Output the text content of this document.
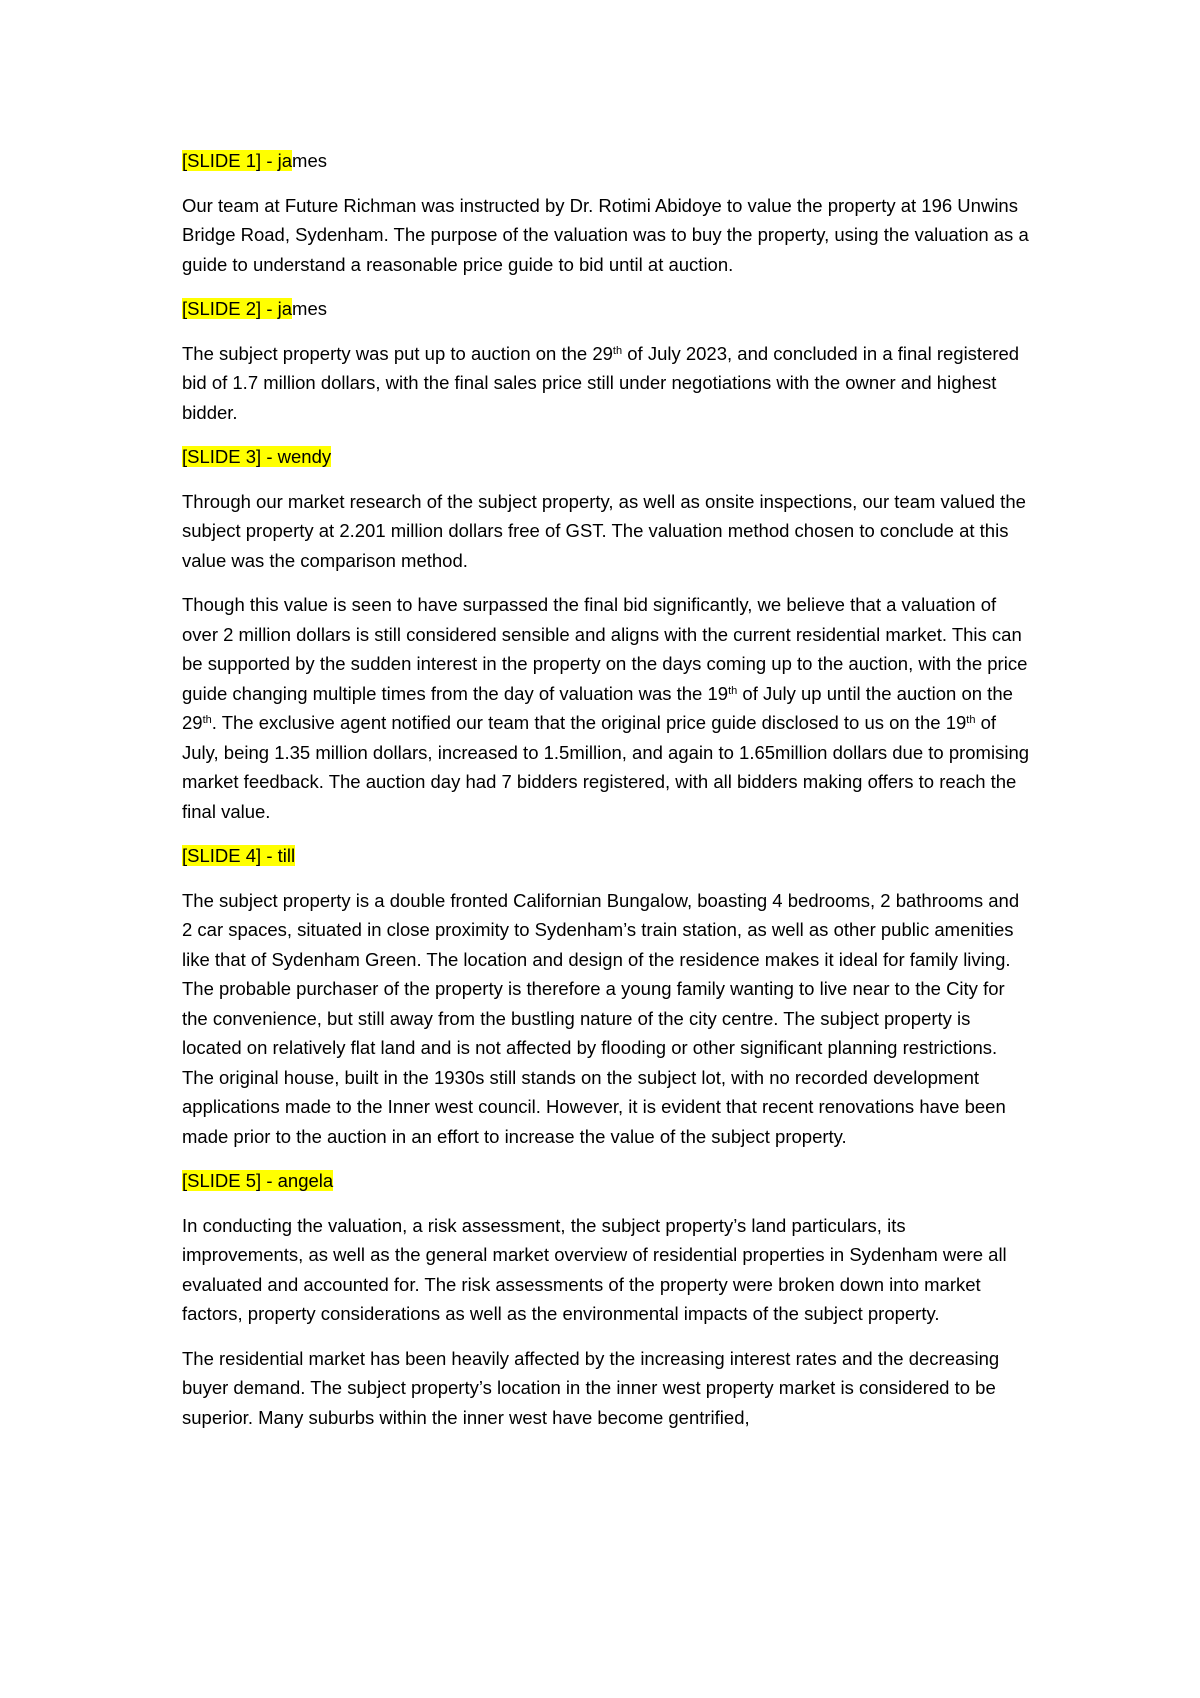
[SLIDE 1] - james

Our team at Future Richman was instructed by Dr. Rotimi Abidoye to value the property at 196 Unwins Bridge Road, Sydenham. The purpose of the valuation was to buy the property, using the valuation as a guide to understand a reasonable price guide to bid until at auction.

[SLIDE 2] - james

The subject property was put up to auction on the 29th of July 2023, and concluded in a final registered bid of 1.7 million dollars, with the final sales price still under negotiations with the owner and highest bidder.

[SLIDE 3] - wendy

Through our market research of the subject property, as well as onsite inspections, our team valued the subject property at 2.201 million dollars free of GST. The valuation method chosen to conclude at this value was the comparison method.

Though this value is seen to have surpassed the final bid significantly, we believe that a valuation of over 2 million dollars is still considered sensible and aligns with the current residential market. This can be supported by the sudden interest in the property on the days coming up to the auction, with the price guide changing multiple times from the day of valuation was the 19th of July up until the auction on the 29th. The exclusive agent notified our team that the original price guide disclosed to us on the 19th of July, being 1.35 million dollars, increased to 1.5million, and again to 1.65million dollars due to promising market feedback. The auction day had 7 bidders registered, with all bidders making offers to reach the final value.

[SLIDE 4] - till

The subject property is a double fronted Californian Bungalow, boasting 4 bedrooms, 2 bathrooms and 2 car spaces, situated in close proximity to Sydenham’s train station, as well as other public amenities like that of Sydenham Green. The location and design of the residence makes it ideal for family living. The probable purchaser of the property is therefore a young family wanting to live near to the City for the convenience, but still away from the bustling nature of the city centre. The subject property is located on relatively flat land and is not affected by flooding or other significant planning restrictions. The original house, built in the 1930s still stands on the subject lot, with no recorded development applications made to the Inner west council. However, it is evident that recent renovations have been made prior to the auction in an effort to increase the value of the subject property.

[SLIDE 5] - angela

In conducting the valuation, a risk assessment, the subject property’s land particulars, its improvements, as well as the general market overview of residential properties in Sydenham were all evaluated and accounted for. The risk assessments of the property were broken down into market factors, property considerations as well as the environmental impacts of the subject property.

The residential market has been heavily affected by the increasing interest rates and the decreasing buyer demand. The subject property’s location in the inner west property market is considered to be superior. Many suburbs within the inner west have become gentrified,
